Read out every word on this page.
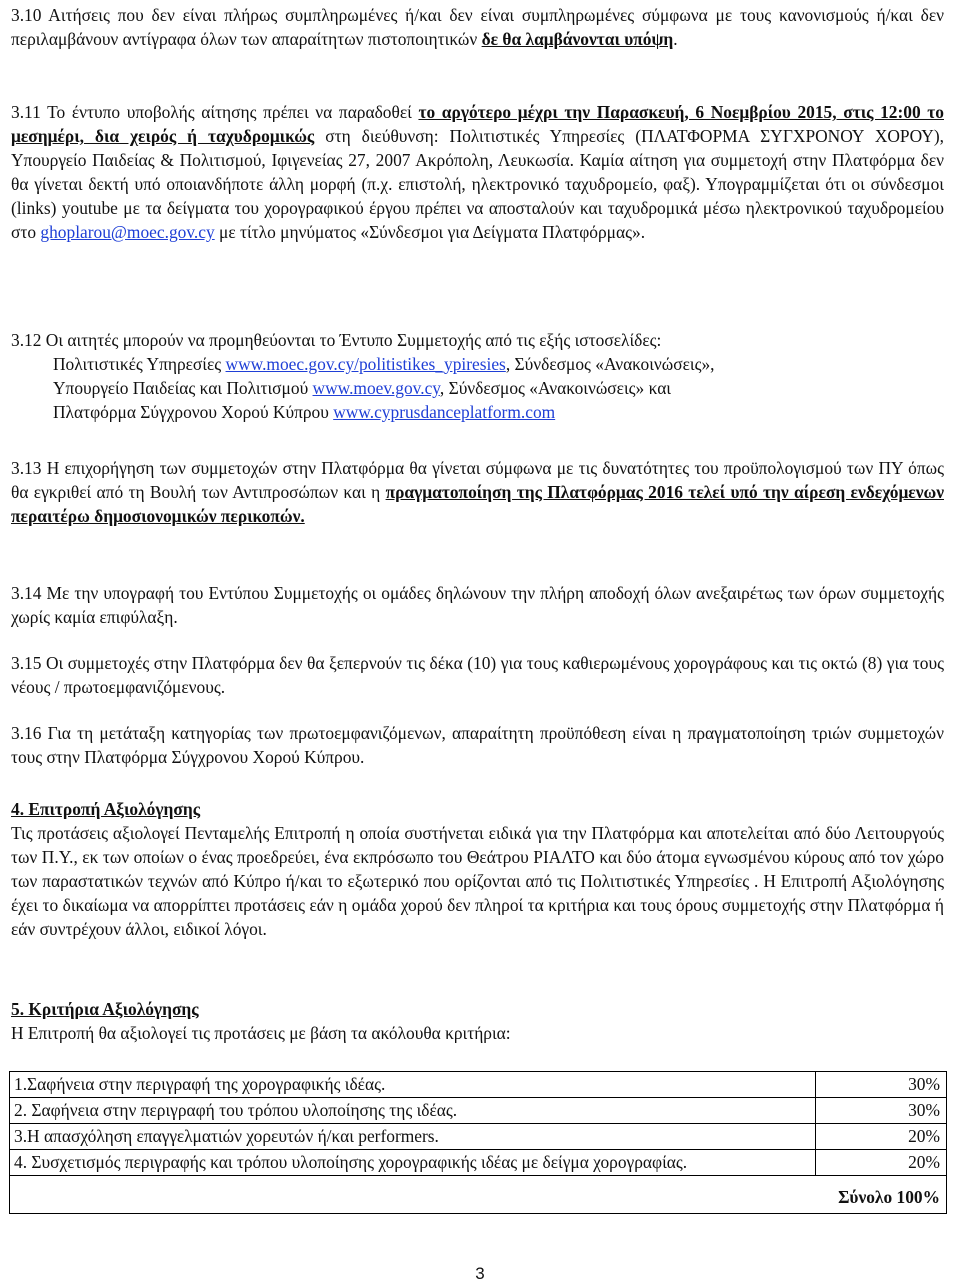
3.10 Αιτήσεις που δεν είναι πλήρως συμπληρωμένες ή/και δεν είναι συμπληρωμένες σύμφωνα με τους κανονισμούς ή/και δεν περιλαμβάνουν αντίγραφα όλων των απαραίτητων πιστοποιητικών δε θα λαμβάνονται υπόψη.

3.11 Το έντυπο υποβολής αίτησης πρέπει να παραδοθεί το αργότερο μέχρι την Παρασκευή, 6 Νοεμβρίου 2015, στις 12:00 το μεσημέρι, δια χειρός ή ταχυδρομικώς στη διεύθυνση: Πολιτιστικές Υπηρεσίες (ΠΛΑΤΦΟΡΜΑ ΣΥΓΧΡΟΝΟΥ ΧΟΡΟΥ), Υπουργείο Παιδείας & Πολιτισμού, Ιφιγενείας 27, 2007 Ακρόπολη, Λευκωσία. Καμία αίτηση για συμμετοχή στην Πλατφόρμα δεν θα γίνεται δεκτή υπό οποιανδήποτε άλλη μορφή (π.χ. επιστολή, ηλεκτρονικό ταχυδρομείο, φαξ). Υπογραμμίζεται ότι οι σύνδεσμοι (links) youtube με τα δείγματα του χορογραφικού έργου πρέπει να αποσταλούν και ταχυδρομικά μέσω ηλεκτρονικού ταχυδρομείου στο ghoplarou@moec.gov.cy με τίτλο μηνύματος «Σύνδεσμοι για Δείγματα Πλατφόρμας».

3.12 Οι αιτητές μπορούν να προμηθεύονται το Έντυπο Συμμετοχής από τις εξής ιστοσελίδες:
Πολιτιστικές Υπηρεσίες www.moec.gov.cy/politistikes_ypiresies, Σύνδεσμος «Ανακοινώσεις»,
Υπουργείο Παιδείας και Πολιτισμού www.moev.gov.cy, Σύνδεσμος «Ανακοινώσεις» και
Πλατφόρμα Σύγχρονου Χορού Κύπρου www.cyprusdanceplatform.com

3.13 Η επιχορήγηση των συμμετοχών στην Πλατφόρμα θα γίνεται σύμφωνα με τις δυνατότητες του προϋπολογισμού των ΠΥ όπως θα εγκριθεί από τη Βουλή των Αντιπροσώπων και η πραγματοποίηση της Πλατφόρμας 2016 τελεί υπό την αίρεση ενδεχόμενων περαιτέρω δημοσιονομικών περικοπών.

3.14 Με την υπογραφή του Εντύπου Συμμετοχής οι ομάδες δηλώνουν την πλήρη αποδοχή όλων ανεξαιρέτως των όρων συμμετοχής χωρίς καμία επιφύλαξη.

3.15 Οι συμμετοχές στην Πλατφόρμα δεν θα ξεπερνούν τις δέκα (10) για τους καθιερωμένους χορογράφους και τις οκτώ (8) για τους νέους / πρωτοεμφανιζόμενους.

3.16 Για τη μετάταξη κατηγορίας των πρωτοεμφανιζόμενων, απαραίτητη προϋπόθεση είναι η πραγματοποίηση τριών συμμετοχών τους στην Πλατφόρμα Σύγχρονου Χορού Κύπρου.

4. Επιτροπή Αξιολόγησης

Τις προτάσεις αξιολογεί Πενταμελής Επιτροπή η οποία συστήνεται ειδικά για την Πλατφόρμα και αποτελείται από δύο Λειτουργούς των Π.Υ., εκ των οποίων ο ένας προεδρεύει, ένα εκπρόσωπο του Θεάτρου ΡΙΑΛΤΟ και δύο άτομα εγνωσμένου κύρους από τον χώρο των παραστατικών τεχνών από Κύπρο ή/και το εξωτερικό που ορίζονται από τις Πολιτιστικές Υπηρεσίες . Η Επιτροπή Αξιολόγησης έχει το δικαίωμα να απορρίπτει προτάσεις εάν η ομάδα χορού δεν πληροί τα κριτήρια και τους όρους συμμετοχής στην Πλατφόρμα ή εάν συντρέχουν άλλοι, ειδικοί λόγοι.

5. Κριτήρια Αξιολόγησης
Η Επιτροπή θα αξιολογεί τις προτάσεις με βάση τα ακόλουθα κριτήρια:
1.Σαφήνεια στην περιγραφή της χορογραφικής ιδέας.	30%
2. Σαφήνεια στην περιγραφή του τρόπου υλοποίησης της ιδέας.	30%
3.Η απασχόληση επαγγελματιών χορευτών ή/και performers.	20%
4. Συσχετισμός περιγραφής και τρόπου υλοποίησης χορογραφικής ιδέας με δείγμα χορογραφίας.	20%
Σύνολο 100%	
3
